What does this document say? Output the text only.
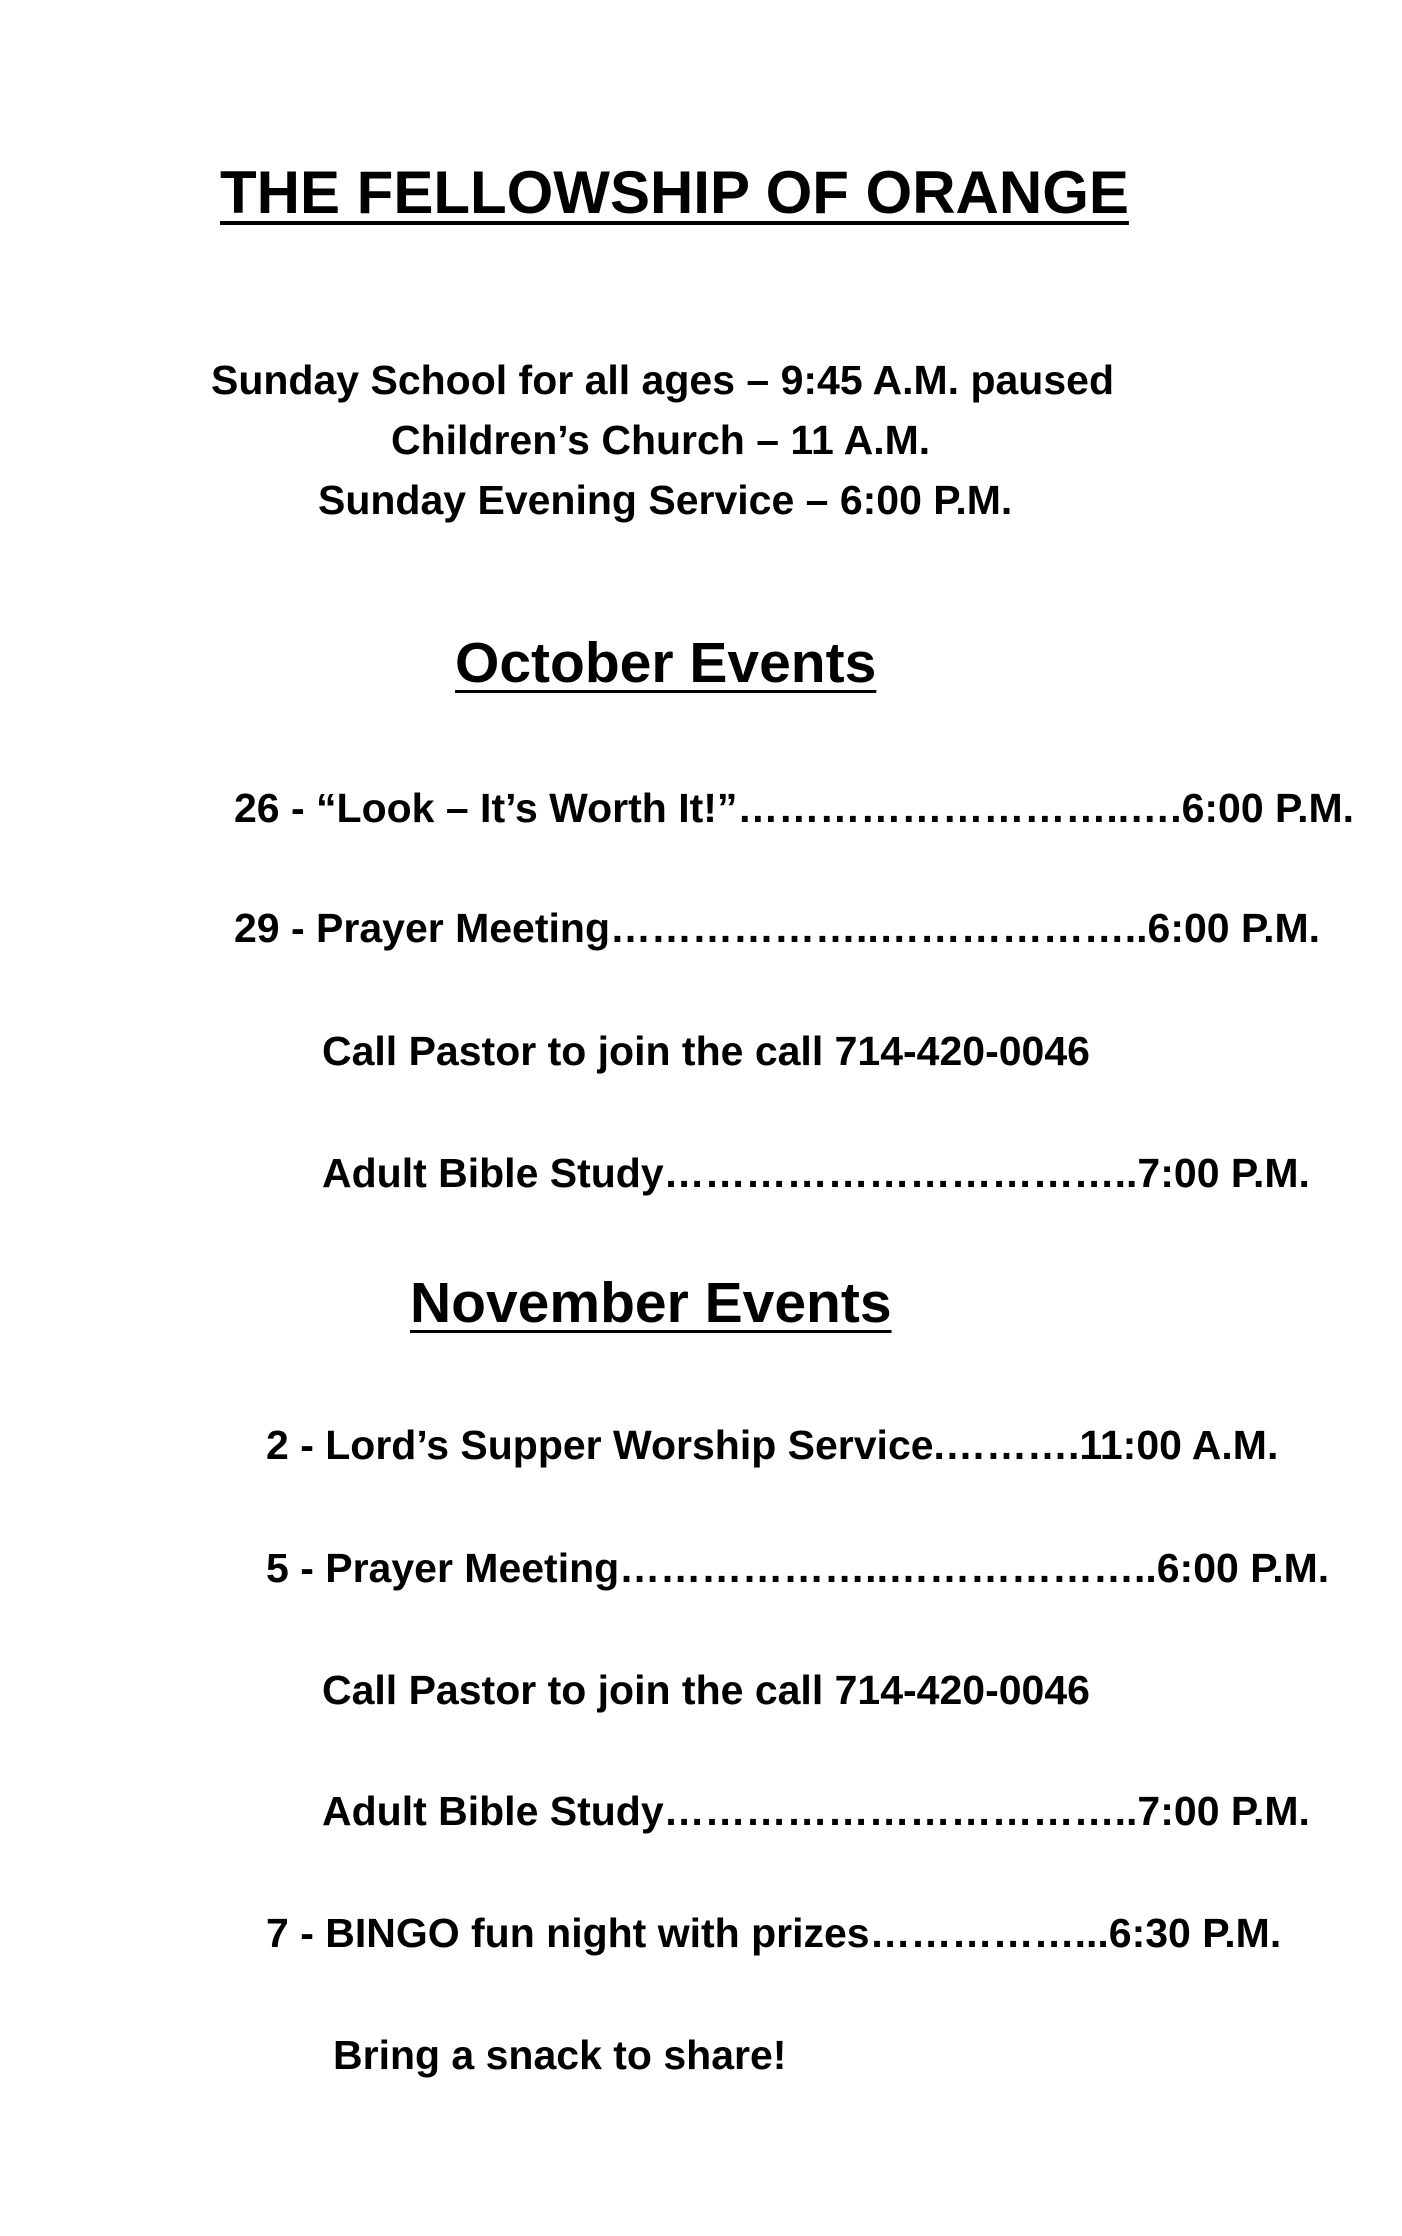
THE FELLOWSHIP OF ORANGE
Sunday School for all ages – 9:45 A.M. paused
Children’s Church – 11 A.M.
Sunday Evening Service – 6:00 P.M.
October Events
26 - “Look – It’s Worth It!”………………………..….6:00 P.M.
29 - Prayer Meeting………………..………………..6:00 P.M.
Call Pastor to join the call 714-420-0046
Adult Bible Study……………………………..7:00 P.M.
November Events
2 - Lord’s Supper Worship Service.……….11:00 A.M.
5 - Prayer Meeting………………..………………..6:00 P.M.
Call Pastor to join the call 714-420-0046
Adult Bible Study……………………………..7:00 P.M.
7 - BINGO fun night with prizes……………...6:30 P.M.
Bring a snack to share!
